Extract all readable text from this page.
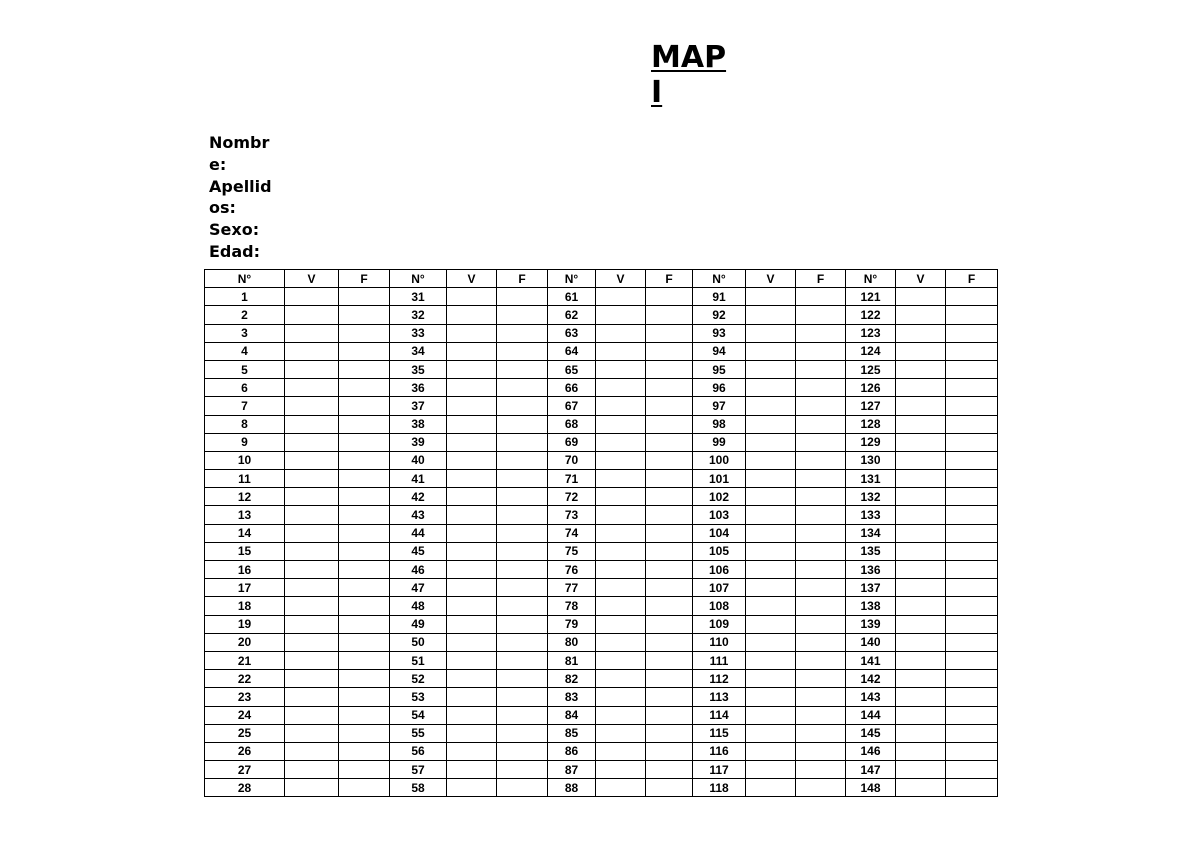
MAPI
Nombre:
Apellidos:
Sexo:
Edad:
N°	V	F	N°	V	F	N°	V	F	N°	V	F	N°	V	F
1			31			61			91			121		
2			32			62			92			122		
3			33			63			93			123		
4			34			64			94			124		
5			35			65			95			125		
6			36			66			96			126		
7			37			67			97			127		
8			38			68			98			128		
9			39			69			99			129		
10			40			70			100			130		
11			41			71			101			131		
12			42			72			102			132		
13			43			73			103			133		
14			44			74			104			134		
15			45			75			105			135		
16			46			76			106			136		
17			47			77			107			137		
18			48			78			108			138		
19			49			79			109			139		
20			50			80			110			140		
21			51			81			111			141		
22			52			82			112			142		
23			53			83			113			143		
24			54			84			114			144		
25			55			85			115			145		
26			56			86			116			146		
27			57			87			117			147		
28			58			88			118			148		
